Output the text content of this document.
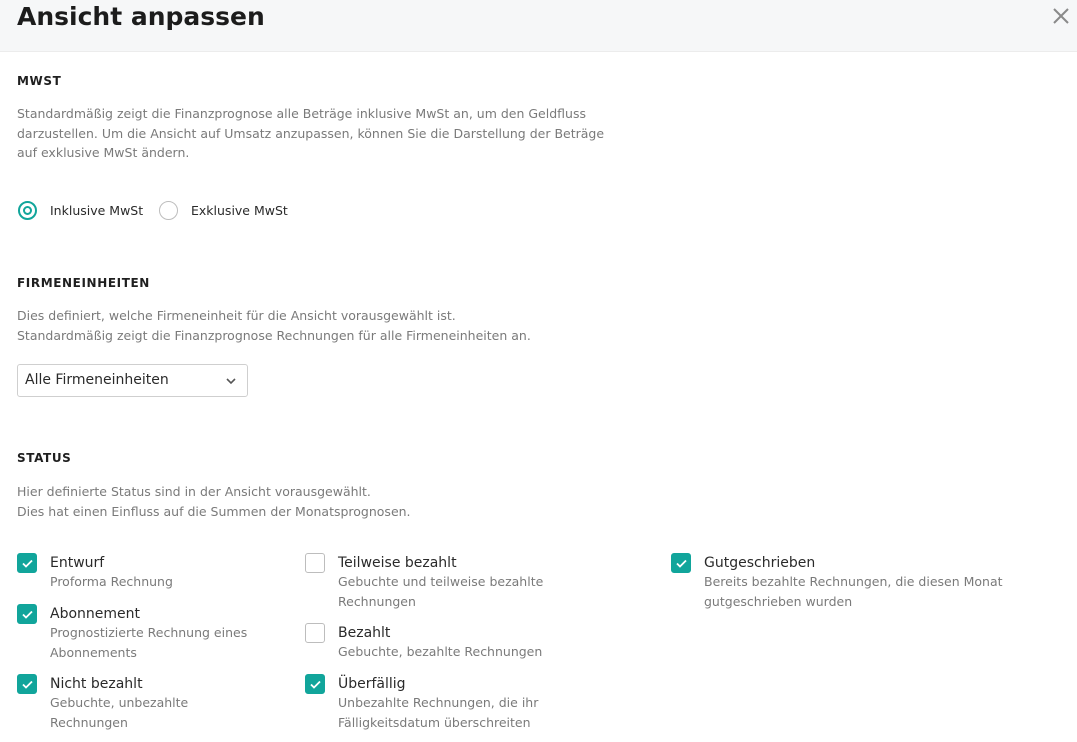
Ansicht anpassen
MWST
Standardmäßig zeigt die Finanzprognose alle Beträge inklusive MwSt an, um den Geldfluss
darzustellen. Um die Ansicht auf Umsatz anzupassen, können Sie die Darstellung der Beträge
auf exklusive MwSt ändern.
Inklusive MwSt	Exklusive MwSt
FIRMENEINHEITEN
Dies definiert, welche Firmeneinheit für die Ansicht vorausgewählt ist.
Standardmäßig zeigt die Finanzprognose Rechnungen für alle Firmeneinheiten an.
Alle Firmeneinheiten
STATUS
Hier definierte Status sind in der Ansicht vorausgewählt.
Dies hat einen Einfluss auf die Summen der Monatsprognosen.
Entwurf
Proforma Rechnung
Abonnement
Prognostizierte Rechnung eines
Abonnements
Nicht bezahlt
Gebuchte, unbezahlte
Rechnungen
Teilweise bezahlt
Gebuchte und teilweise bezahlte
Rechnungen
Bezahlt
Gebuchte, bezahlte Rechnungen
Überfällig
Unbezahlte Rechnungen, die ihr
Fälligkeitsdatum überschreiten
Gutgeschrieben
Bereits bezahlte Rechnungen, die diesen Monat
gutgeschrieben wurden
